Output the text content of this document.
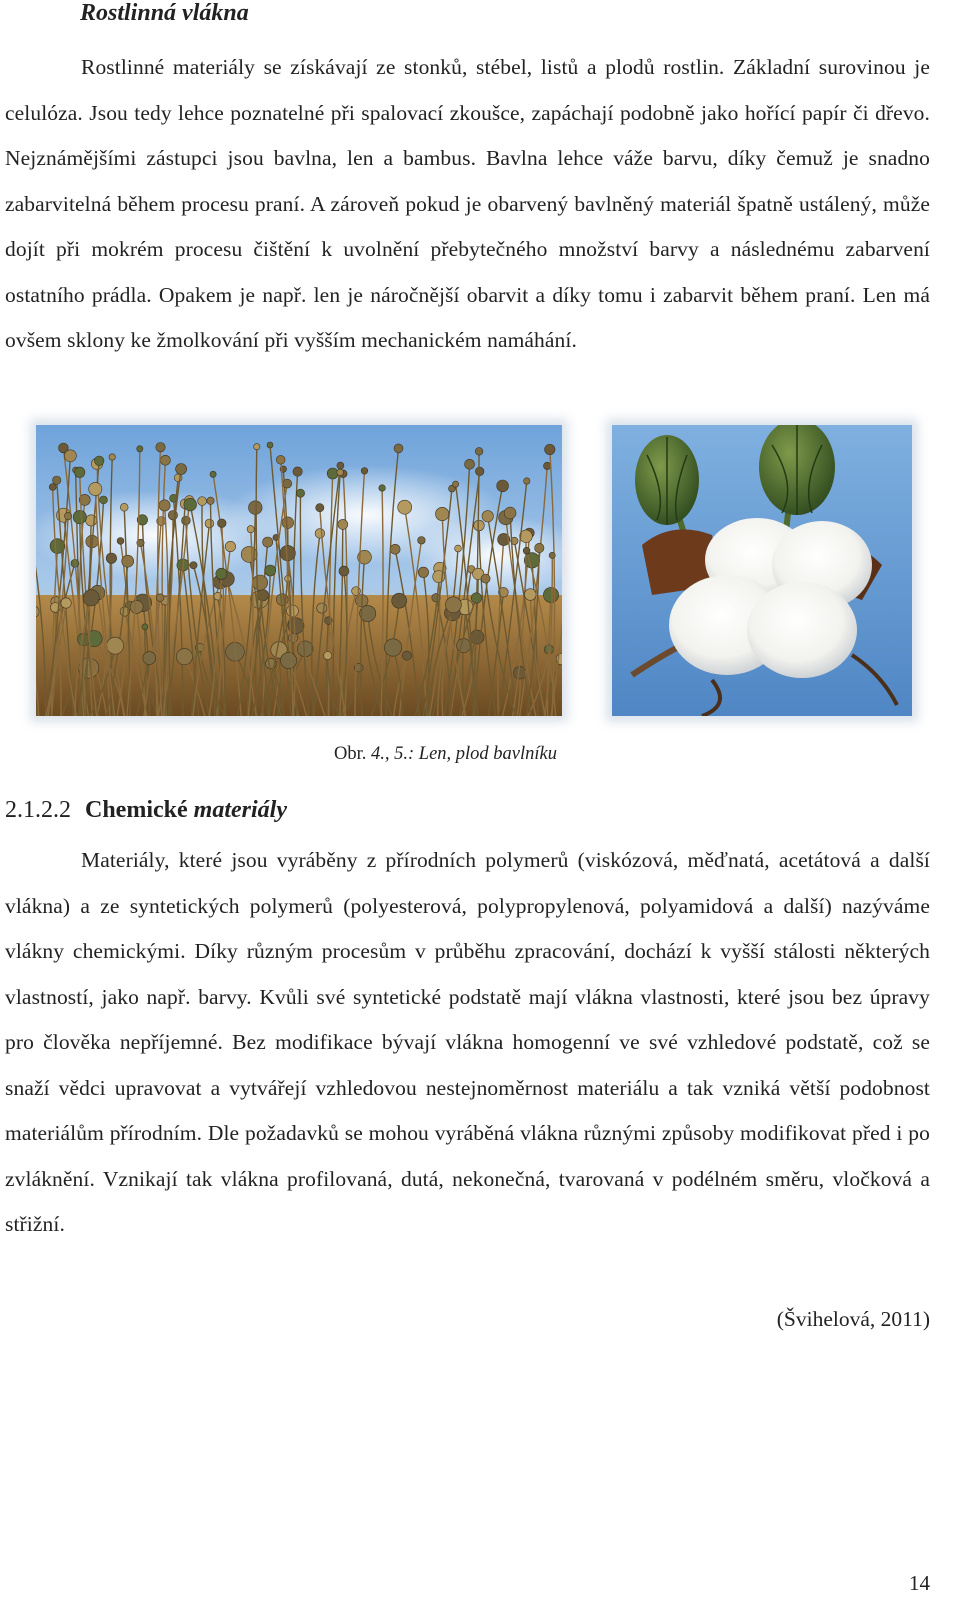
Rostlinná vlákna

Rostlinné materiály se získávají ze stonků, stébel, listů a plodů rostlin. Základní surovinou je celulóza. Jsou tedy lehce poznatelné při spalovací zkoušce, zapáchají podobně jako hořící papír či dřevo. Nejznámějšími zástupci jsou bavlna, len a bambus. Bavlna lehce váže barvu, díky čemuž je snadno zabarvitelná během procesu praní. A zároveň pokud je obarvený bavlněný materiál špatně ustálený, může dojít při mokrém procesu čištění k uvolnění přebytečného množství barvy a následnému zabarvení ostatního prádla. Opakem je např. len je náročnější obarvit a díky tomu i zabarvit během praní. Len má ovšem sklony ke žmolkování při vyšším mechanickém namáhání.

Obr. 4., 5.: Len, plod bavlníku

2.1.2.2 Chemické materiály

Materiály, které jsou vyráběny z přírodních polymerů (viskózová, měďnatá, acetátová a další vlákna) a ze syntetických polymerů (polyesterová, polypropylenová, polyamidová a další) nazýváme vlákny chemickými. Díky různým procesům v průběhu zpracování, dochází k vyšší stálosti některých vlastností, jako např. barvy. Kvůli své syntetické podstatě mají vlákna vlastnosti, které jsou bez úpravy pro člověka nepříjemné. Bez modifikace bývají vlákna homogenní ve své vzhledové podstatě, což se snaží vědci upravovat a vytvářejí vzhledovou nestejnoměrnost materiálu a tak vzniká větší podobnost materiálům přírodním. Dle požadavků se mohou vyráběná vlákna různými způsoby modifikovat před i po zvláknění. Vznikají tak vlákna profilovaná, dutá, nekonečná, tvarovaná v podélném směru, vločková a střižní.

(Švihelová, 2011)

14
